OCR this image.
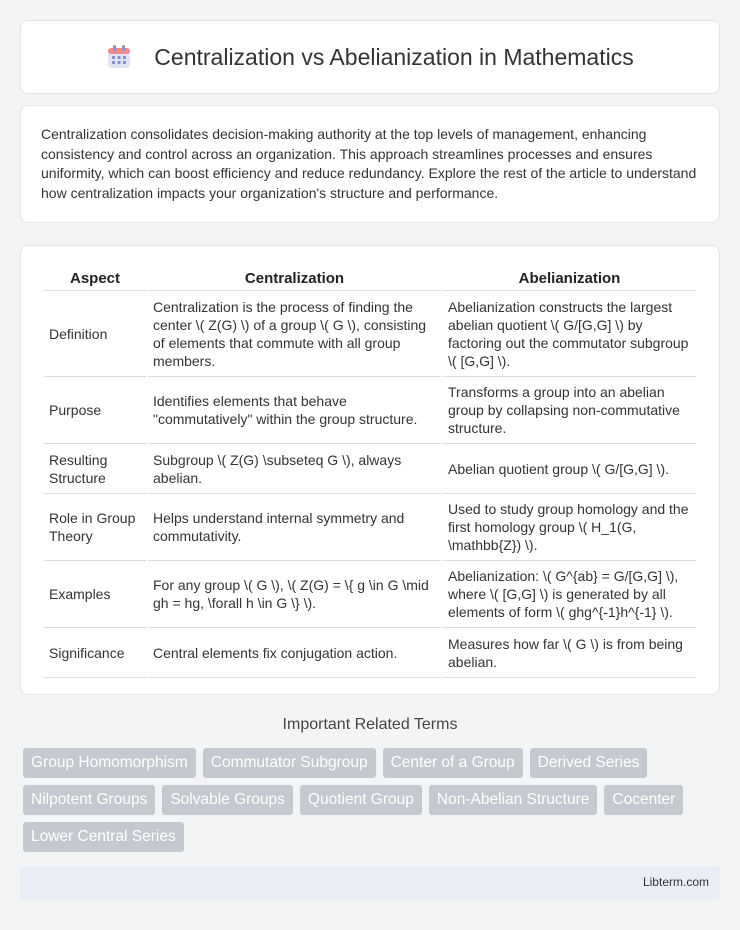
Centralization vs Abelianization in Mathematics

Centralization consolidates decision-making authority at the top levels of management, enhancing consistency and control across an organization. This approach streamlines processes and ensures uniformity, which can boost efficiency and reduce redundancy. Explore the rest of the article to understand how centralization impacts your organization's structure and performance.

Aspect	Centralization	Abelianization
Definition	Centralization is the process of finding the center \( Z(G) \) of a group \( G \), consisting of elements that commute with all group members.	Abelianization constructs the largest abelian quotient \( G/[G,G] \) by factoring out the commutator subgroup \( [G,G] \).
Purpose	Identifies elements that behave "commutatively" within the group structure.	Transforms a group into an abelian group by collapsing non-commutative structure.
Resulting Structure	Subgroup \( Z(G) \subseteq G \), always abelian.	Abelian quotient group \( G/[G,G] \).
Role in Group Theory	Helps understand internal symmetry and commutativity.	Used to study group homology and the first homology group \( H_1(G, \mathbb{Z}) \).
Examples	For any group \( G \), \( Z(G) = \{ g \in G \mid gh = hg, \forall h \in G \} \).	Abelianization: \( G^{ab} = G/[G,G] \), where \( [G,G] \) is generated by all elements of form \( ghg^{-1}h^{-1} \).
Significance	Central elements fix conjugation action.	Measures how far \( G \) is from being abelian.
Important Related Terms
Group Homomorphism	Commutator Subgroup	Center of a Group	Derived Series
Nilpotent Groups	Solvable Groups	Quotient Group	Non-Abelian Structure	Cocenter
Lower Central Series
Libterm.com
